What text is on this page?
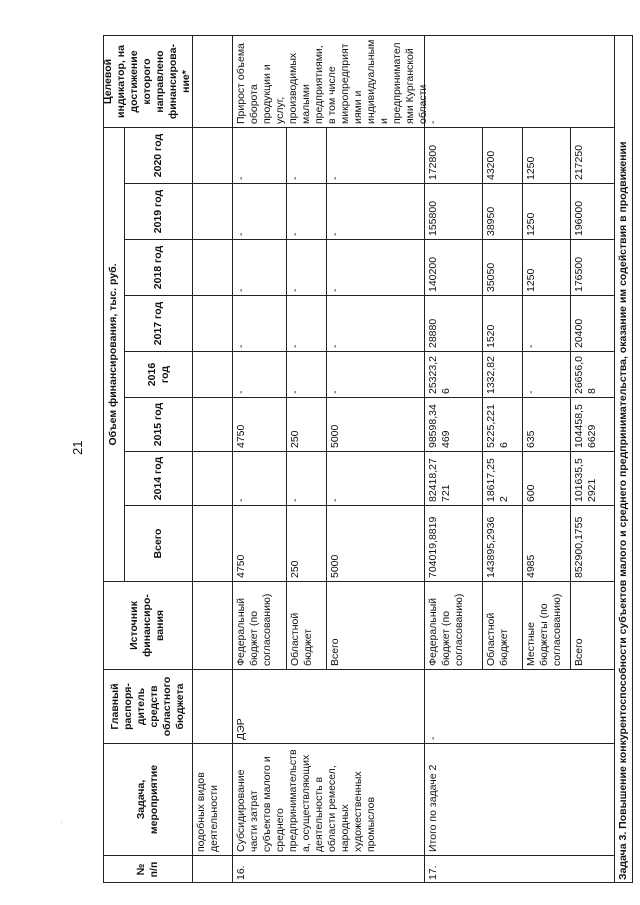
21
· · ,
№ п/п
Задача, мероприятие
Главный распоря-дитель средств областного бюджета
Источник финансиро-вания
Объем финансирования, тыс. руб.
Целевой индикатор, на достижение которого направлено финансирова-ние*
Всего
2014 год
2015 год
2016 год
2017 год
2018 год
2019 год
2020 год
подобных видов деятельности
16.
Субсидирование части затрат субъектов малого и среднего предпринимательства, осуществляющих деятельность в области ремесел, народных художественных промыслов
ДЭР
Прирост объема оборота продукции и услуг, производимых малыми предприятиями, в том числе микропредприятиями и индивидуальными предпринимателями Курганской области
17.
Итого по задаче 2
-
-
Задача 3. Повышение конкурентоспособности субъектов малого и среднего предпринимательства, оказание им содействия в продвижении
Федеральный бюджет (по согласованию)
4750
-
4750
-
-
-
-
-
Областной бюджет
250
-
250
-
-
-
-
-
Всего
5000
-
5000
-
-
-
-
-
Федеральный бюджет (по согласованию)
704019,8819
82418,27721
98598,34469
25323,26
28880
140200
155800
172800
Областной бюджет
143895,2936
18617,252
5225,2216
1332,82
1520
35050
38950
43200
Местные бюджеты (по согласованию)
4985
600
635
-
-
1250
1250
1250
Всего
852900,1755
101635,52921
104458,56629
26656,08
20400
176500
196000
217250
